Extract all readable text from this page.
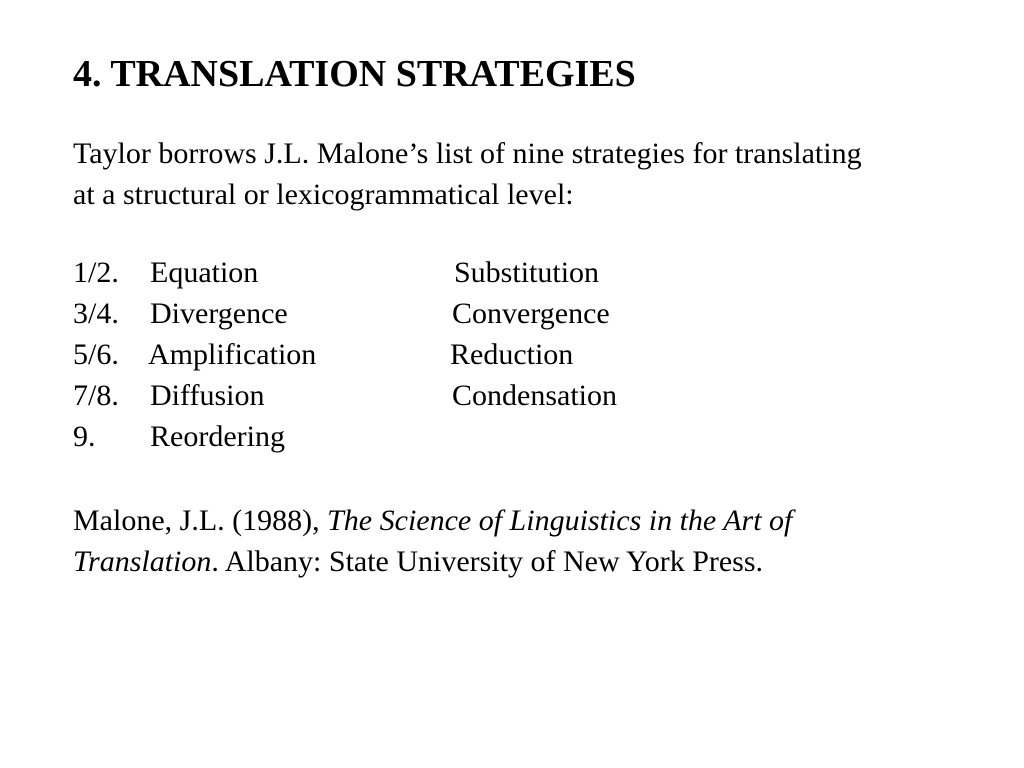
4. TRANSLATION STRATEGIES
Taylor borrows J.L. Malone’s list of nine strategies for translating
at a structural or lexicogrammatical level:
1/2. Equation	Substitution
3/4. Divergence	Convergence
5/6. Amplification	Reduction
7/8. Diffusion	Condensation
9. Reordering
Malone, J.L. (1988), The Science of Linguistics in the Art of
Translation. Albany: State University of New York Press.
